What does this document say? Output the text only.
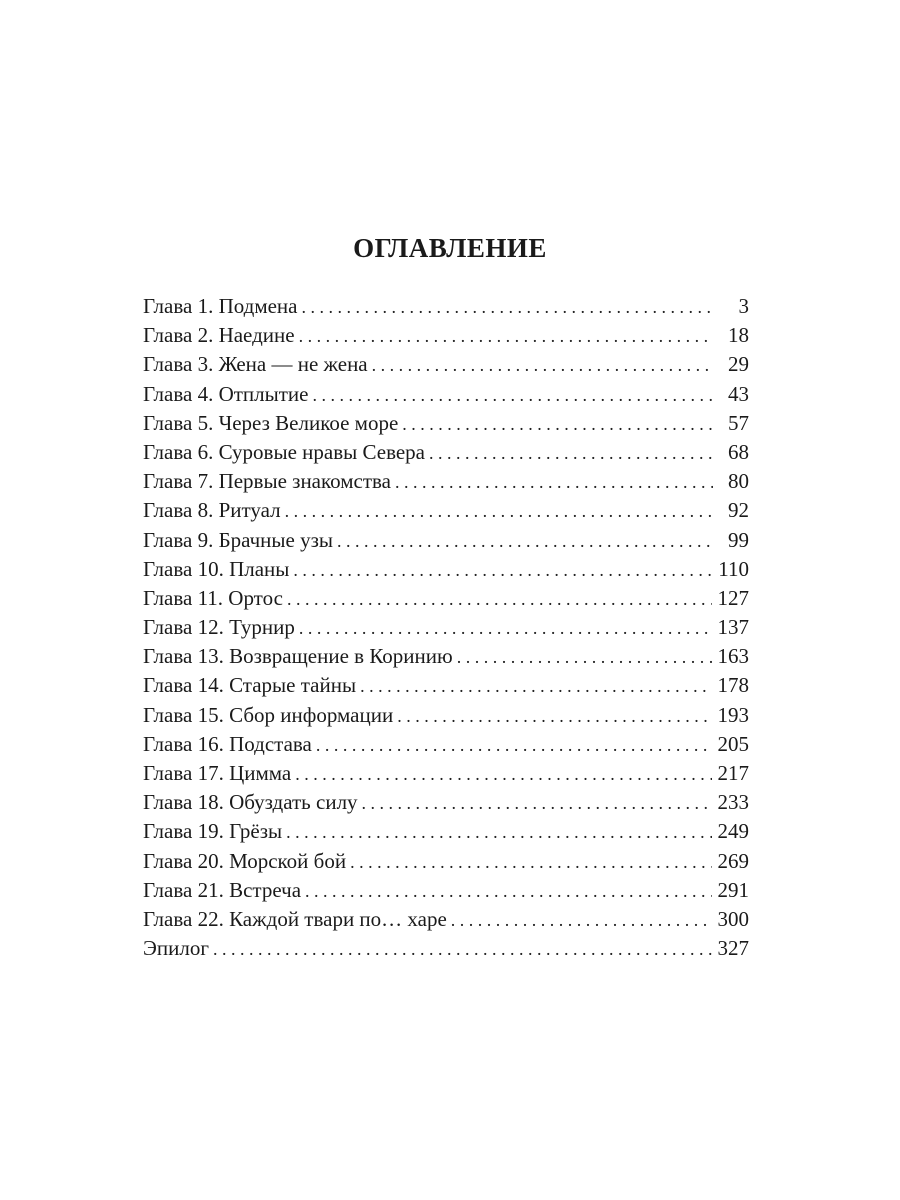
ОГЛАВЛЕНИЕ
Глава 1. Подмена . . .	3
Глава 2. Наедине . . .	18
Глава 3. Жена — не жена . . .	29
Глава 4. Отплытие . . .	43
Глава 5. Через Великое море . . .	57
Глава 6. Суровые нравы Севера . . .	68
Глава 7. Первые знакомства . . .	80
Глава 8. Ритуал . . .	92
Глава 9. Брачные узы . . .	99
Глава 10. Планы . . .	110
Глава 11. Ортос . . .	127
Глава 12. Турнир . . .	137
Глава 13. Возвращение в Коринию . . .	163
Глава 14. Старые тайны . . .	178
Глава 15. Сбор информации . . .	193
Глава 16. Подстава . . .	205
Глава 17. Цимма . . .	217
Глава 18. Обуздать силу . . .	233
Глава 19. Грёзы . . .	249
Глава 20. Морской бой . . .	269
Глава 21. Встреча . . .	291
Глава 22. Каждой твари по… харе . . .	300
Эпилог . . .	327
